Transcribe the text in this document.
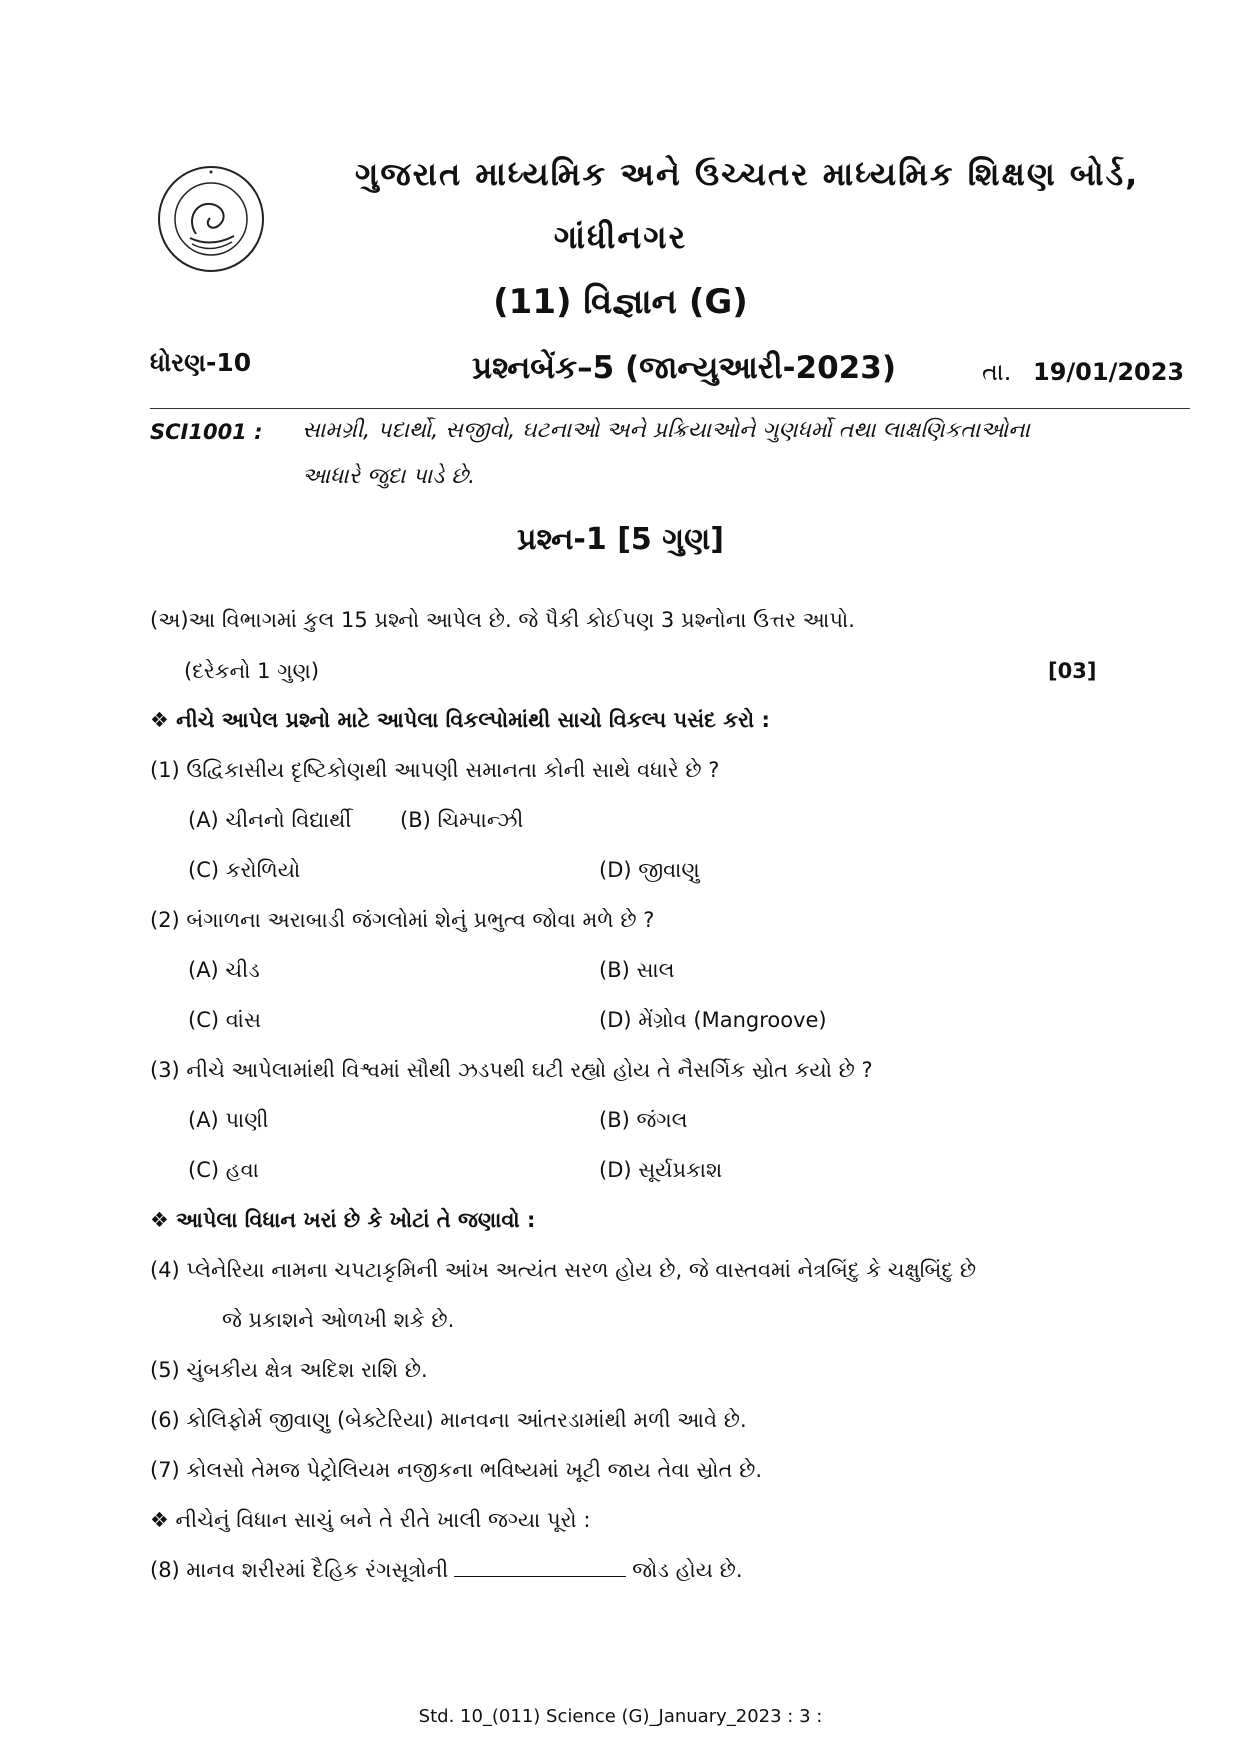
ગુજરાત માધ્યમિક અને ઉચ્ચતર માધ્યમિક શિક્ષણ બોર્ડ,
ગાંધીનગર
(11) વિજ્ઞાન (G)
ધોરણ-10	પ્રશ્નબેંક–5 (જાન્યુઆરી-2023)	તા. 19/01/2023
SCI1001 : સામગ્રી, પદાર્થો, સજીવો, ઘટનાઓ અને પ્રક્રિયાઓને ગુણધર્મો તથા લાક્ષણિકતાઓના
આધારે જુદા પાડે છે.
પ્રશ્ન-1 [5 ગુણ]
(અ)આ વિભાગમાં કુલ 15 પ્રશ્નો આપેલ છે. જે પૈકી કોઈપણ 3 પ્રશ્નોના ઉત્તર આપો.
(દરેકનો 1 ગુણ)	[03]
❖ નીચે આપેલ પ્રશ્નો માટે આપેલા વિકલ્પોમાંથી સાચો વિકલ્પ પસંદ કરો :
(1) ઉદ્વિકાસીય દૃષ્ટિકોણથી આપણી સમાનતા કોની સાથે વધારે છે ?
(A) ચીનનો વિદ્યાર્થી (B) ચિમ્પાન્ઝી
(C) કરોળિયો	(D) જીવાણુ
(2) બંગાળના અરાબાડી જંગલોમાં શેનું પ્રભુત્વ જોવા મળે છે ?
(A) ચીડ	(B) સાલ
(C) વાંસ	(D) મેંગ્રોવ (Mangroove)
(3) નીચે આપેલામાંથી વિશ્વમાં સૌથી ઝડપથી ઘટી રહ્યો હોય તે નૈસર્ગિક સ્રોત કયો છે ?
(A) પાણી	(B) જંગલ
(C) હવા	(D) સૂર્યપ્રકાશ
❖ આપેલા વિધાન ખરાં છે કે ખોટાં તે જણાવો :
(4) પ્લેનેરિયા નામના ચપટાકૃમિની આંખ અત્યંત સરળ હોય છે, જે વાસ્તવમાં નેત્રબિંદુ કે ચક્ષુબિંદુ છે
જે પ્રકાશને ઓળખી શકે છે.
(5) ચુંબકીય ક્ષેત્ર અદિશ રાશિ છે.
(6) કોલિફોર્મ જીવાણુ (બેક્ટેરિયા) માનવના આંતરડામાંથી મળી આવે છે.
(7) કોલસો તેમજ પેટ્રોલિયમ નજીકના ભવિષ્યમાં ખૂટી જાય તેવા સ્રોત છે.
❖ નીચેનું વિધાન સાચું બને તે રીતે ખાલી જગ્યા પૂરો :
(8) માનવ શરીરમાં દૈહિક રંગસૂત્રોની	જોડ હોય છે.
Std. 10_(011) Science (G)_January_2023 : 3 :
